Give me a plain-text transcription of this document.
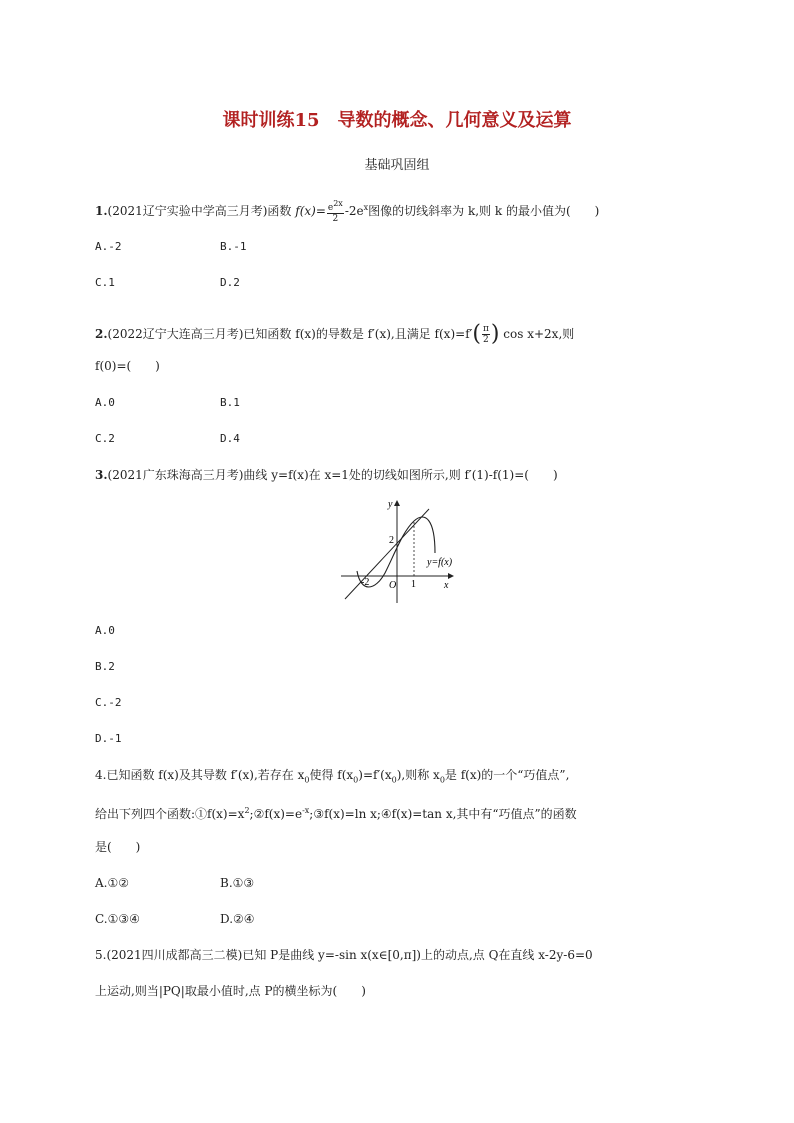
课时训练15　导数的概念、几何意义及运算
基础巩固组
1.(2021辽宁实验中学高三月考)函数 $f(x)= \frac{e^{2x}}{2} -2e^x$图像的切线斜率为 k,则 k 的最小值为(　　)
A.-2	B.-1
C.1	D.2
2.(2022辽宁大连高三月考)已知函数 f(x)的导数是 f′(x),且满足 $f(x)=f'( \frac{\pi}{2}$ ) cos x+2x,则
f(0)=(　　)
A.0	B.1
C.2	D.4
3.(2021广东珠海高三月考)曲线 y=f(x)在 x=1处的切线如图所示,则 f′(1)-f(1)=(　　)
y
x
O
-2
2
1
y=f(x)
A.0
B.2
C.-2
D.-1
4.已知函数 f(x)及其导数 f′(x),若存在 $x_0$使得 $f(x_0)=f'(x_0)$,则称 $x_0$是 f(x)的一个“巧值点”,
给出下列四个函数$:①f(x)=x^2;②f(x)=e^{-x};③f(x)=\ln$ x;④f(x)=tan x,其中有“巧值点”的函数
是(　　)
A.①②	B.①③
C.①③④	D.②④
5.(2021四川成都高三二模)已知 P是曲线 y=-sin x(x∈[0,π])上的动点,点 Q在直线 x-2y-6=0
上运动,则当|PQ|取最小值时,点 P的横坐标为(　　)
